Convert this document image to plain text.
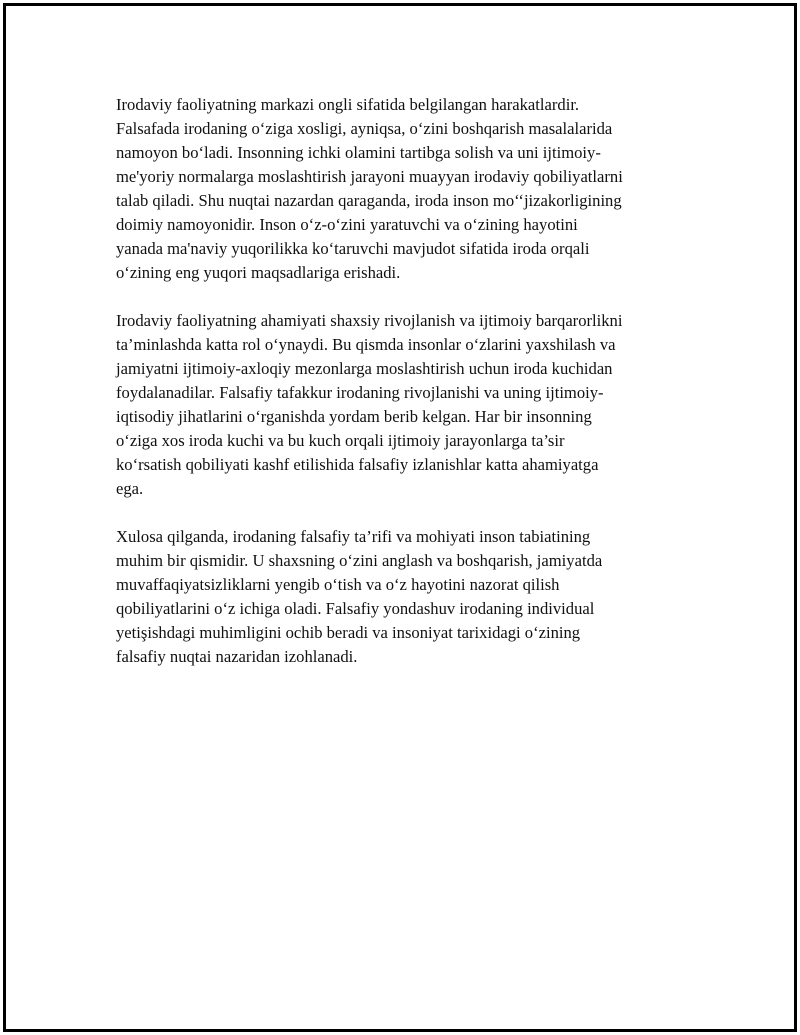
Irodaviy faoliyatning markazi ongli sifatida belgilangan harakatlardir.
Falsafada irodaning o‘ziga xosligi, ayniqsa, o‘zini boshqarish masalalarida
namoyon bo‘ladi. Insonning ichki olamini tartibga solish va uni ijtimoiy-
me'yoriy normalarga moslashtirish jarayoni muayyan irodaviy qobiliyatlarni
talab qiladi. Shu nuqtai nazardan qaraganda, iroda inson mo‘‘jizakorligining
doimiy namoyonidir. Inson o‘z-o‘zini yaratuvchi va o‘zining hayotini
yanada ma'naviy yuqorilikka ko‘taruvchi mavjudot sifatida iroda orqali
o‘zining eng yuqori maqsadlariga erishadi.

Irodaviy faoliyatning ahamiyati shaxsiy rivojlanish va ijtimoiy barqarorlikni
ta’minlashda katta rol o‘ynaydi. Bu qismda insonlar o‘zlarini yaxshilash va
jamiyatni ijtimoiy-axloqiy mezonlarga moslashtirish uchun iroda kuchidan
foydalanadilar. Falsafiy tafakkur irodaning rivojlanishi va uning ijtimoiy-
iqtisodiy jihatlarini o‘rganishda yordam berib kelgan. Har bir insonning
o‘ziga xos iroda kuchi va bu kuch orqali ijtimoiy jarayonlarga ta’sir
ko‘rsatish qobiliyati kashf etilishida falsafiy izlanishlar katta ahamiyatga
ega.

Xulosa qilganda, irodaning falsafiy ta’rifi va mohiyati inson tabiatining
muhim bir qismidir. U shaxsning o‘zini anglash va boshqarish, jamiyatda
muvaffaqiyatsizliklarni yengib o‘tish va o‘z hayotini nazorat qilish
qobiliyatlarini o‘z ichiga oladi. Falsafiy yondashuv irodaning individual
yetişishdagi muhimligini ochib beradi va insoniyat tarixidagi o‘zining
falsafiy nuqtai nazaridan izohlanadi.
